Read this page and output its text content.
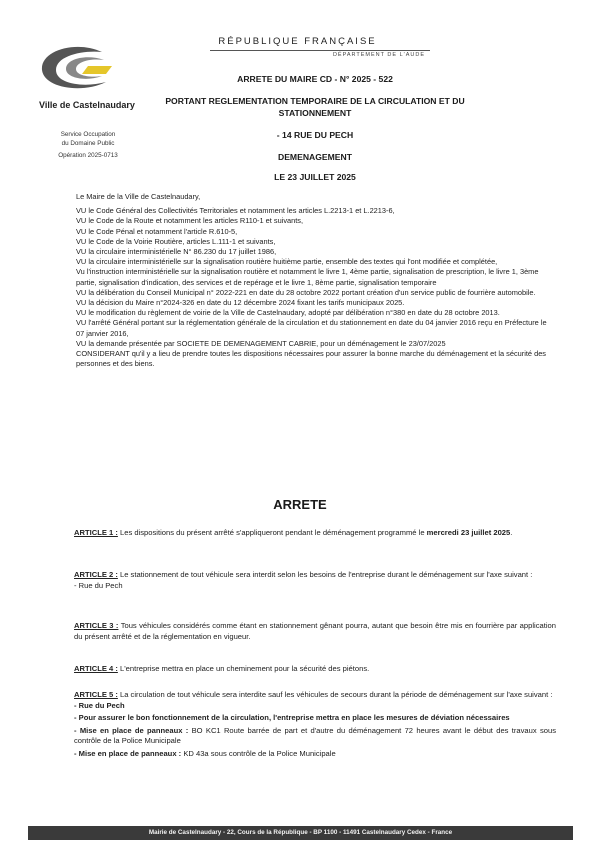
Ville de Castelnaudary
Service Occupation
du Domaine Public
Opération 2025-0713
RÉPUBLIQUE FRANÇAISE
DÉPARTEMENT DE L'AUDE
ARRETE DU MAIRE CD - N° 2025 - 522
PORTANT REGLEMENTATION TEMPORAIRE DE LA CIRCULATION ET DU
STATIONNEMENT
- 14 RUE DU PECH
DEMENAGEMENT
LE 23 JUILLET 2025

Le Maire de la Ville de Castelnaudary,

VU le Code Général des Collectivités Territoriales et notamment les articles L.2213-1 et L.2213-6,

VU le Code de la Route et notamment les articles R110-1 et suivants,

VU le Code Pénal et notamment l'article R.610-5,

VU le Code de la Voirie Routière, articles L.111-1 et suivants,

VU la circulaire interministérielle N° 86.230 du 17 juillet 1986,

VU la circulaire interministérielle sur la signalisation routière huitième partie, ensemble des textes qui l'ont modifiée et complétée,

Vu l'instruction interministérielle sur la signalisation routière et notamment le livre 1, 4ème partie, signalisation de prescription, le livre 1, 3ème partie, signalisation d'indication, des services et de repérage et le livre 1, 8ème partie, signalisation temporaire

VU la délibération du Conseil Municipal n° 2022-221 en date du 28 octobre 2022 portant création d'un service public de fourrière automobile.

VU la décision du Maire n°2024-326 en date du 12 décembre 2024 fixant les tarifs municipaux 2025.

VU le modification du règlement de voirie de la Ville de Castelnaudary, adopté par délibération n°380 en date du 28 octobre 2013.

VU l'arrêté Général portant sur la réglementation générale de la circulation et du stationnement en date du 04 janvier 2016 reçu en Préfecture le 07 janvier 2016,

VU la demande présentée par SOCIETE DE DEMENAGEMENT CABRIE, pour un déménagement le 23/07/2025

CONSIDERANT qu'il y a lieu de prendre toutes les dispositions nécessaires pour assurer la bonne marche du déménagement et la sécurité des personnes et des biens.

ARRETE

ARTICLE 1 : Les dispositions du présent arrêté s'appliqueront pendant le déménagement programmé le mercredi 23 juillet 2025.

ARTICLE 2 : Le stationnement de tout véhicule sera interdit selon les besoins de l'entreprise durant le déménagement sur l'axe suivant :

- Rue du Pech

ARTICLE 3 : Tous véhicules considérés comme étant en stationnement gênant pourra, autant que besoin être mis en fourrière par application du présent arrêté et de la réglementation en vigueur.

ARTICLE 4 : L'entreprise mettra en place un cheminement pour la sécurité des piétons.

ARTICLE 5 : La circulation de tout véhicule sera interdite sauf les véhicules de secours durant la période de déménagement sur l'axe suivant :

- Rue du Pech

- Pour assurer le bon fonctionnement de la circulation, l'entreprise mettra en place les mesures de déviation nécessaires

- Mise en place de panneaux : BO KC1 Route barrée de part et d'autre du déménagement 72 heures avant le début des travaux sous contrôle de la Police Municipale

- Mise en place de panneaux : KD 43a sous contrôle de la Police Municipale

Mairie de Castelnaudary - 22, Cours de la République - BP 1100 - 11491 Castelnaudary Cedex - France
